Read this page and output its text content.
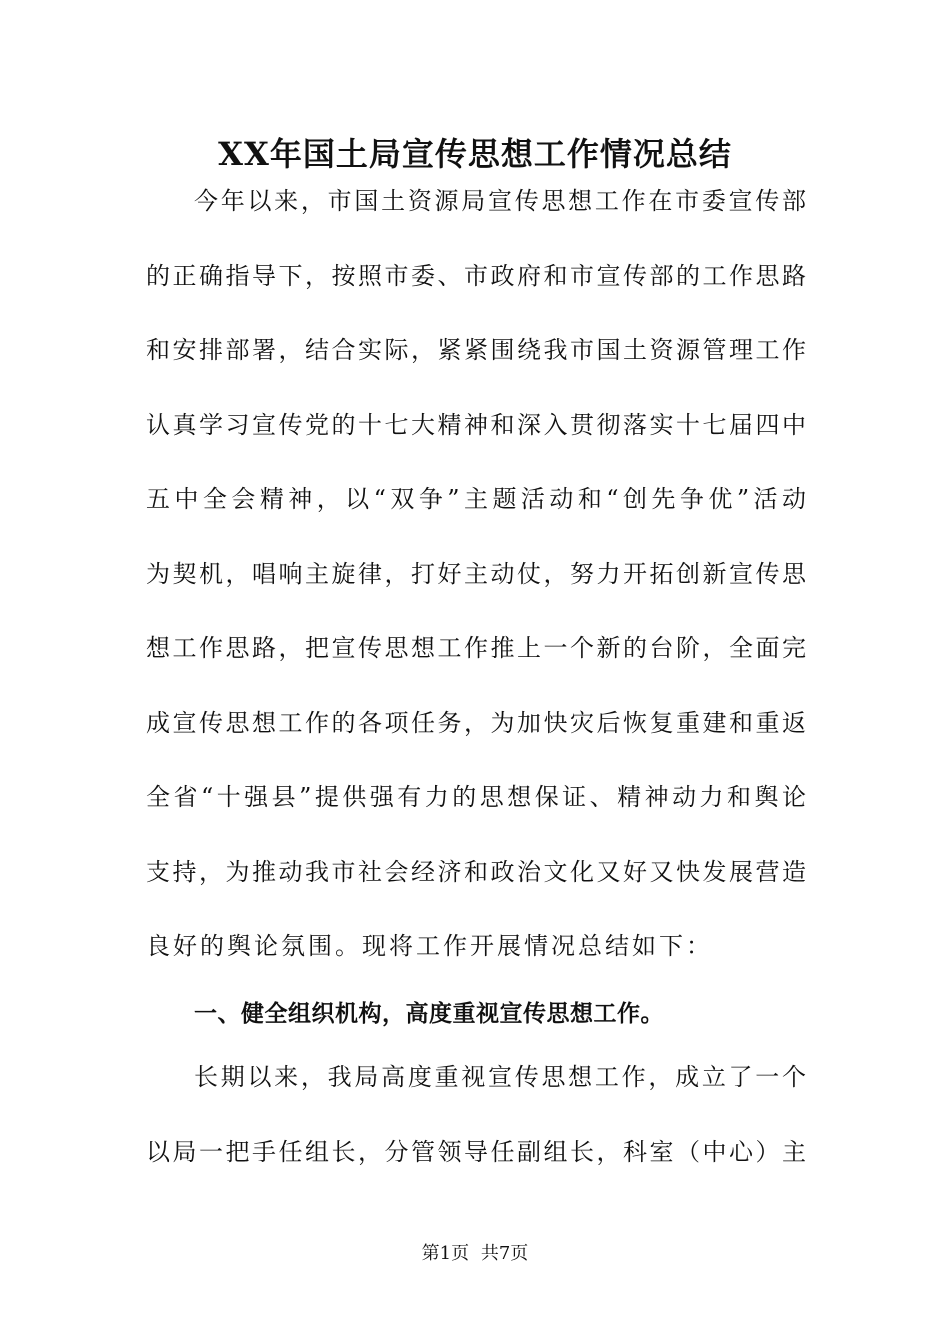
XX年国土局宣传思想工作情况总结
今年以来，市国土资源局宣传思想工作在市委宣传部
的正确指导下，按照市委、市政府和市宣传部的工作思路
和安排部署，结合实际，紧紧围绕我市国土资源管理工作
认真学习宣传党的十七大精神和深入贯彻落实十七届四中
五中全会精神，以“双争”主题活动和“创先争优”活动
为契机，唱响主旋律，打好主动仗，努力开拓创新宣传思
想工作思路，把宣传思想工作推上一个新的台阶，全面完
成宣传思想工作的各项任务，为加快灾后恢复重建和重返
全省“十强县”提供强有力的思想保证、精神动力和舆论
支持，为推动我市社会经济和政治文化又好又快发展营造
良好的舆论氛围。现将工作开展情况总结如下：
一、健全组织机构，高度重视宣传思想工作。
长期以来，我局高度重视宣传思想工作，成立了一个
以局一把手任组长，分管领导任副组长，科室（中心）主
第1页 共7页
